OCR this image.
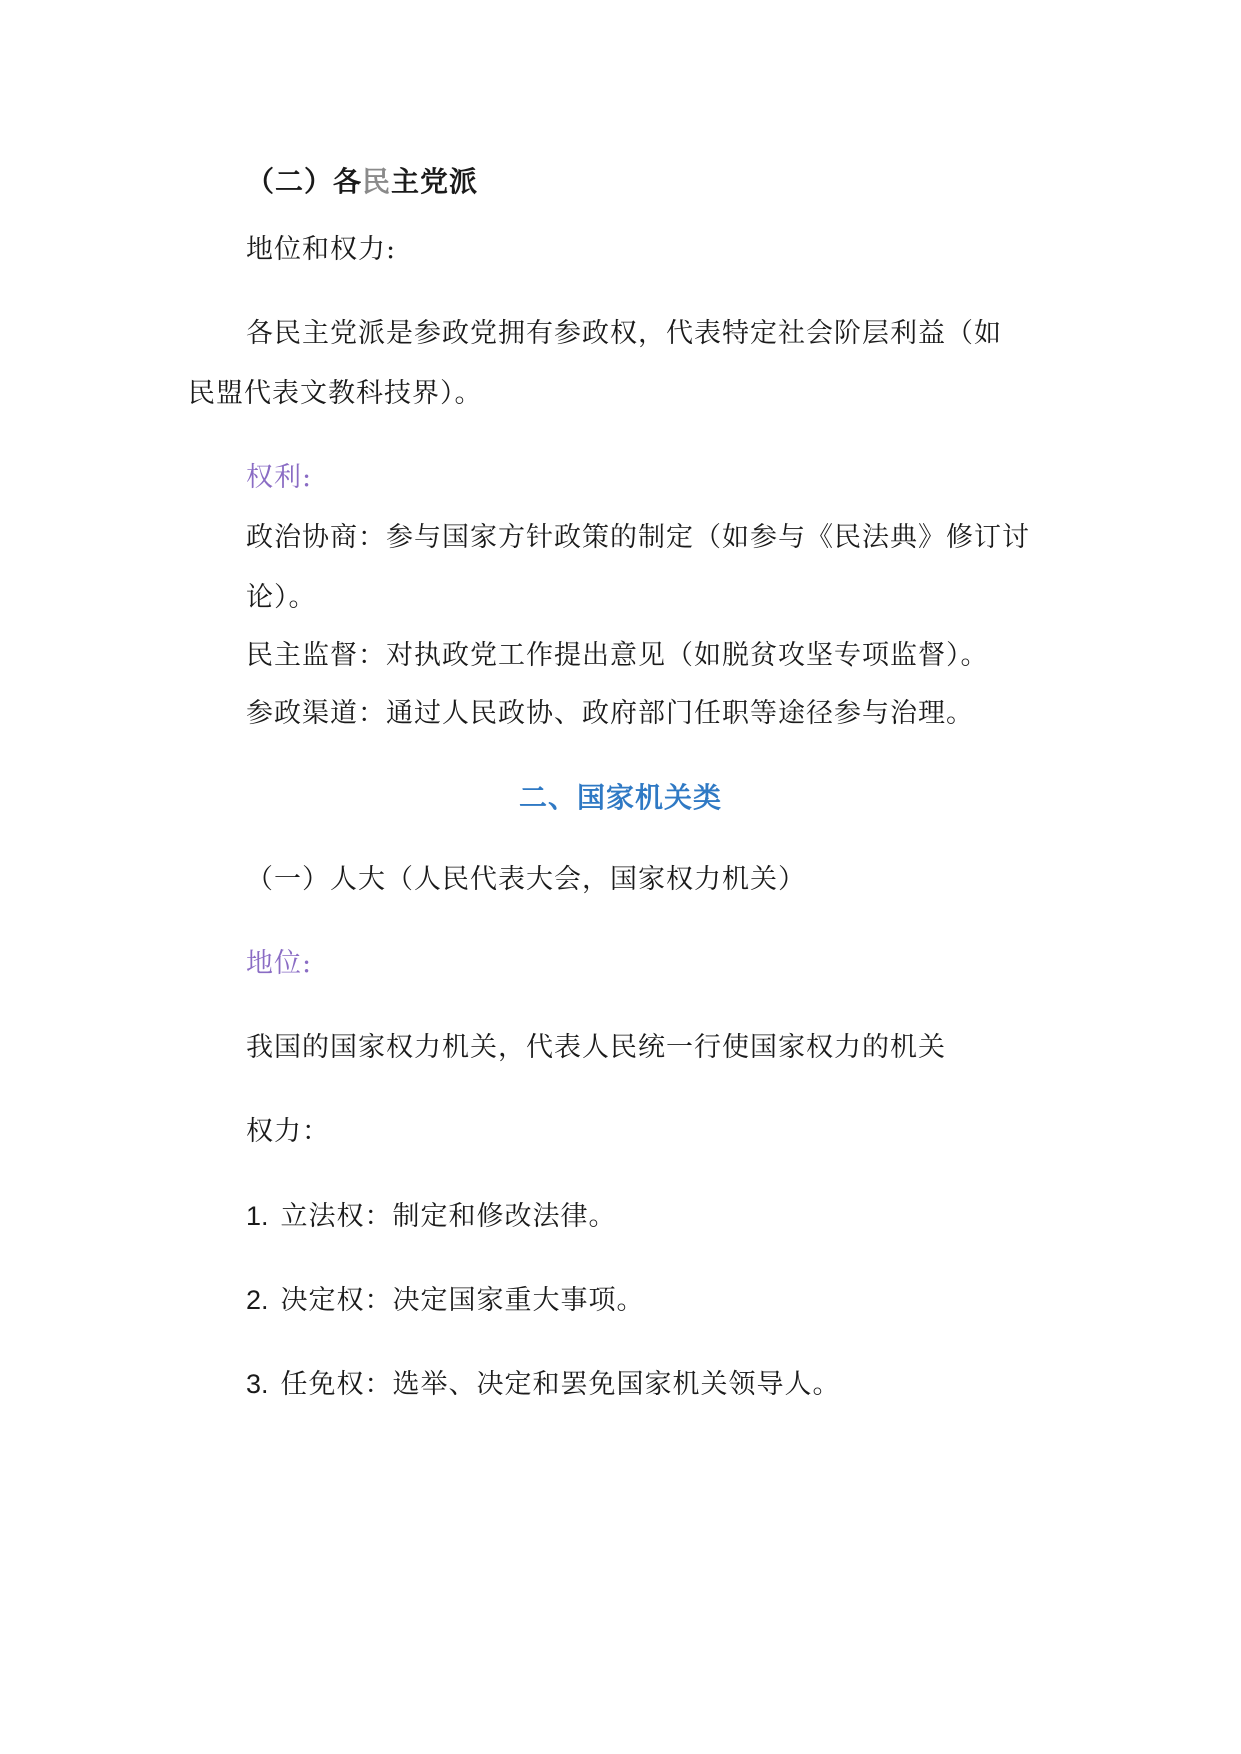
（二）各民主党派
地位和权力:
各民主党派是参政党拥有参政权，代表特定社会阶层利益（如
民盟代表文教科技界）。
权利:
政治协商：参与国家方针政策的制定（如参与《民法典》修订讨
论）。
民主监督：对执政党工作提出意见（如脱贫攻坚专项监督）。
参政渠道：通过人民政协、政府部门任职等途径参与治理。
二、国家机关类
（一）人大（人民代表大会，国家权力机关）
地位:
我国的国家权力机关，代表人民统一行使国家权力的机关
权力：
1. 立法权：制定和修改法律。
2. 决定权：决定国家重大事项。
3. 任免权：选举、决定和罢免国家机关领导人。
